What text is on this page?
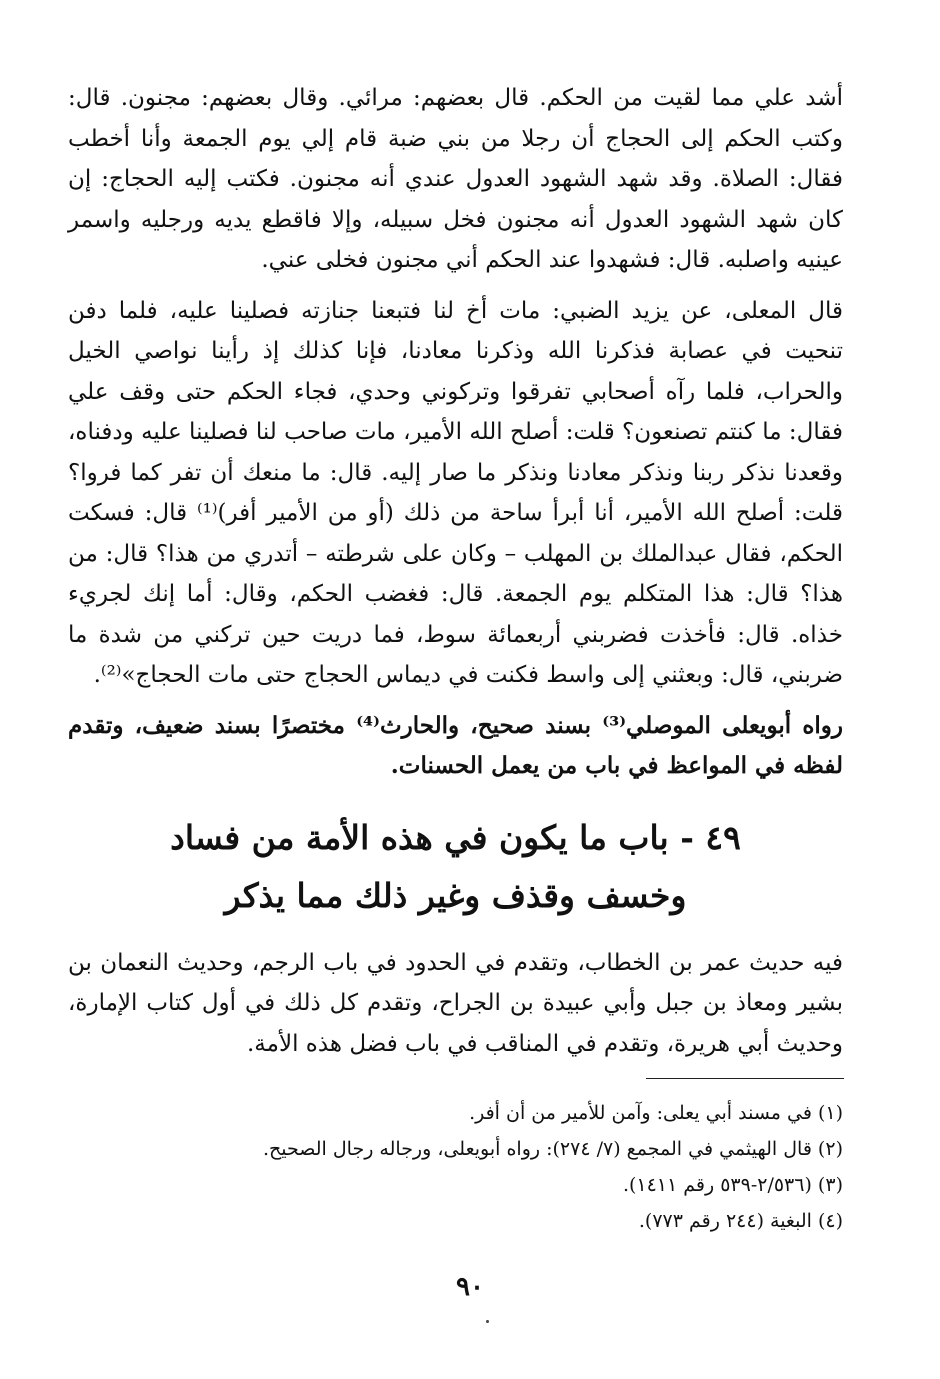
أشد علي مما لقيت من الحكم. قال بعضهم: مرائي. وقال بعضهم: مجنون. قال: وكتب الحكم إلى الحجاج أن رجلا من بني ضبة قام إلي يوم الجمعة وأنا أخطب فقال: الصلاة. وقد شهد الشهود العدول عندي أنه مجنون. فكتب إليه الحجاج: إن كان شهد الشهود العدول أنه مجنون فخل سبيله، وإلا فاقطع يديه ورجليه واسمر عينيه واصلبه. قال: فشهدوا عند الحكم أني مجنون فخلى عني.

قال المعلى، عن يزيد الضبي: مات أخ لنا فتبعنا جنازته فصلينا عليه، فلما دفن تنحيت في عصابة فذكرنا الله وذكرنا معادنا، فإنا كذلك إذ رأينا نواصي الخيل والحراب، فلما رآه أصحابي تفرقوا وتركوني وحدي، فجاء الحكم حتى وقف علي فقال: ما كنتم تصنعون؟ قلت: أصلح الله الأمير، مات صاحب لنا فصلينا عليه ودفناه، وقعدنا نذكر ربنا ونذكر معادنا ونذكر ما صار إليه. قال: ما منعك أن تفر كما فروا؟ قلت: أصلح الله الأمير، أنا أبرأ ساحة من ذلك (أو من الأمير أفر)⁽¹⁾ قال: فسكت الحكم، فقال عبدالملك بن المهلب – وكان على شرطته – أتدري من هذا؟ قال: من هذا؟ قال: هذا المتكلم يوم الجمعة. قال: فغضب الحكم، وقال: أما إنك لجريء خذاه. قال: فأخذت فضربني أربعمائة سوط، فما دريت حين تركني من شدة ما ضربني، قال: وبعثني إلى واسط فكنت في ديماس الحجاج حتى مات الحجاج»⁽²⁾.

رواه أبويعلى الموصلي⁽³⁾ بسند صحيح، والحارث⁽⁴⁾ مختصرًا بسند ضعيف، وتقدم لفظه في المواعظ في باب من يعمل الحسنات.

٤٩ - باب ما يكون في هذه الأمة من فساد
وخسف وقذف وغير ذلك مما يذكر

فيه حديث عمر بن الخطاب، وتقدم في الحدود في باب الرجم، وحديث النعمان بن بشير ومعاذ بن جبل وأبي عبيدة بن الجراح، وتقدم كل ذلك في أول كتاب الإمارة، وحديث أبي هريرة، وتقدم في المناقب في باب فضل هذه الأمة.

(١) في مسند أبي يعلى: وآمن للأمير من أن أفر.
(٢) قال الهيثمي في المجمع (٧/ ٢٧٤): رواه أبويعلى، ورجاله رجال الصحيح.
(٣) (٢/٥٣٦-٥٣٩ رقم ١٤١١).
(٤) البغية (٢٤٤ رقم ٧٧٣).
٩٠
